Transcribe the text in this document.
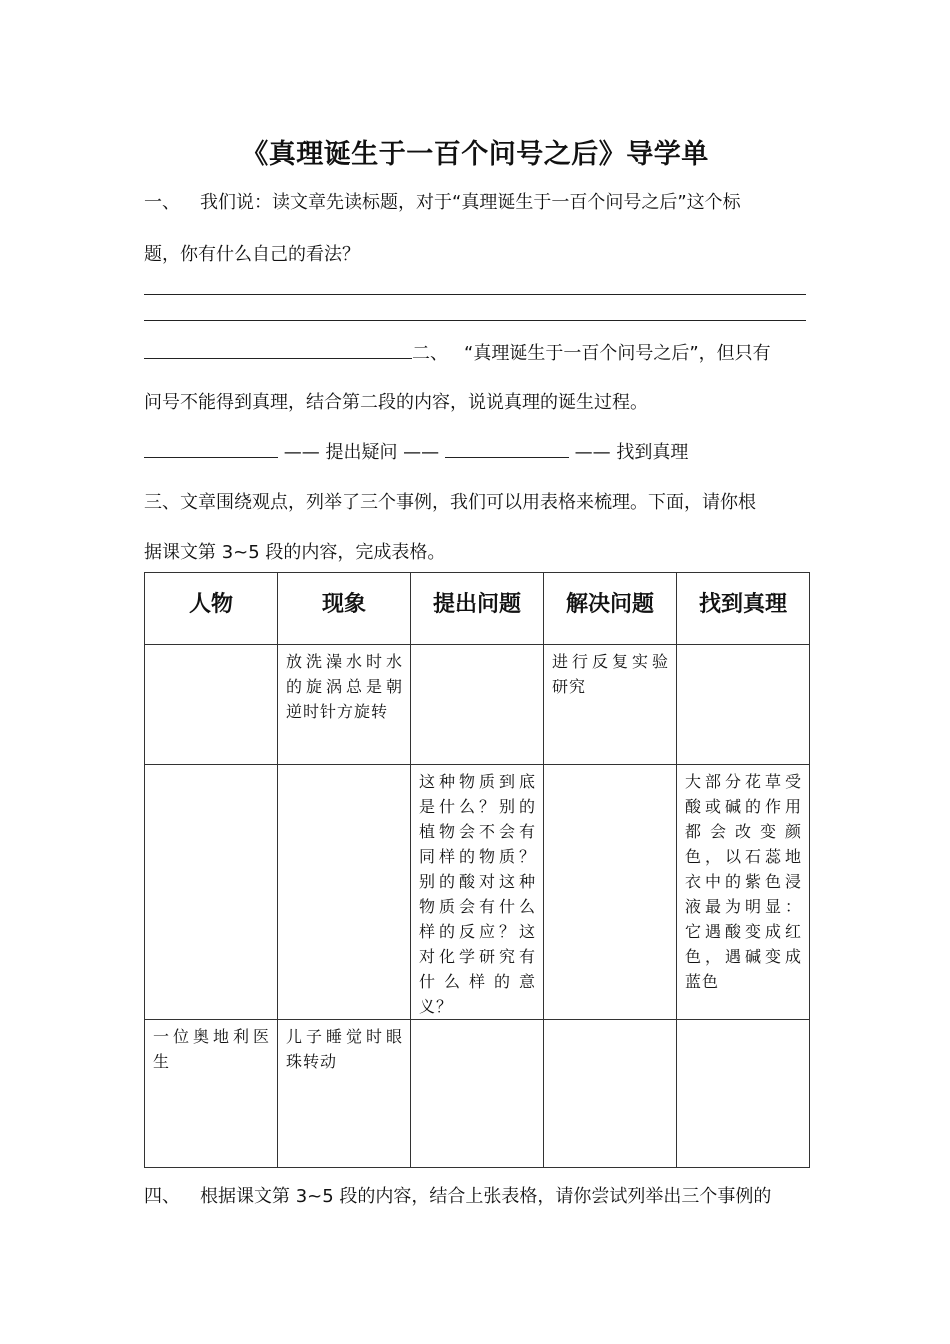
《真理诞生于一百个问号之后》导学单
一、 我们说：读文章先读标题，对于“真理诞生于一百个问号之后”这个标
题，你有什么自己的看法？
二、 “真理诞生于一百个问号之后”，但只有
问号不能得到真理，结合第二段的内容，说说真理的诞生过程。
—— 提出疑问 ——	—— 找到真理
三、文章围绕观点，列举了三个事例，我们可以用表格来梳理。下面，请你根
据课文第 3~5 段的内容，完成表格。
人物	现象	提出问题	解决问题	找到真理
	放洗澡水时水的旋涡总是朝逆时针方旋转		进行反复实验研究	
		这种物质到底是什么？别的植物会不会有同样的物质？别的酸对这种物质会有什么样的反应？这对化学研究有什么样的意义？		大部分花草受酸或碱的作用都会改变颜色，以石蕊地衣中的紫色浸液最为明显：它遇酸变成红色，遇碱变成蓝色
一位奥地利医生	儿子睡觉时眼珠转动			
四、 根据课文第 3~5 段的内容，结合上张表格，请你尝试列举出三个事例的
